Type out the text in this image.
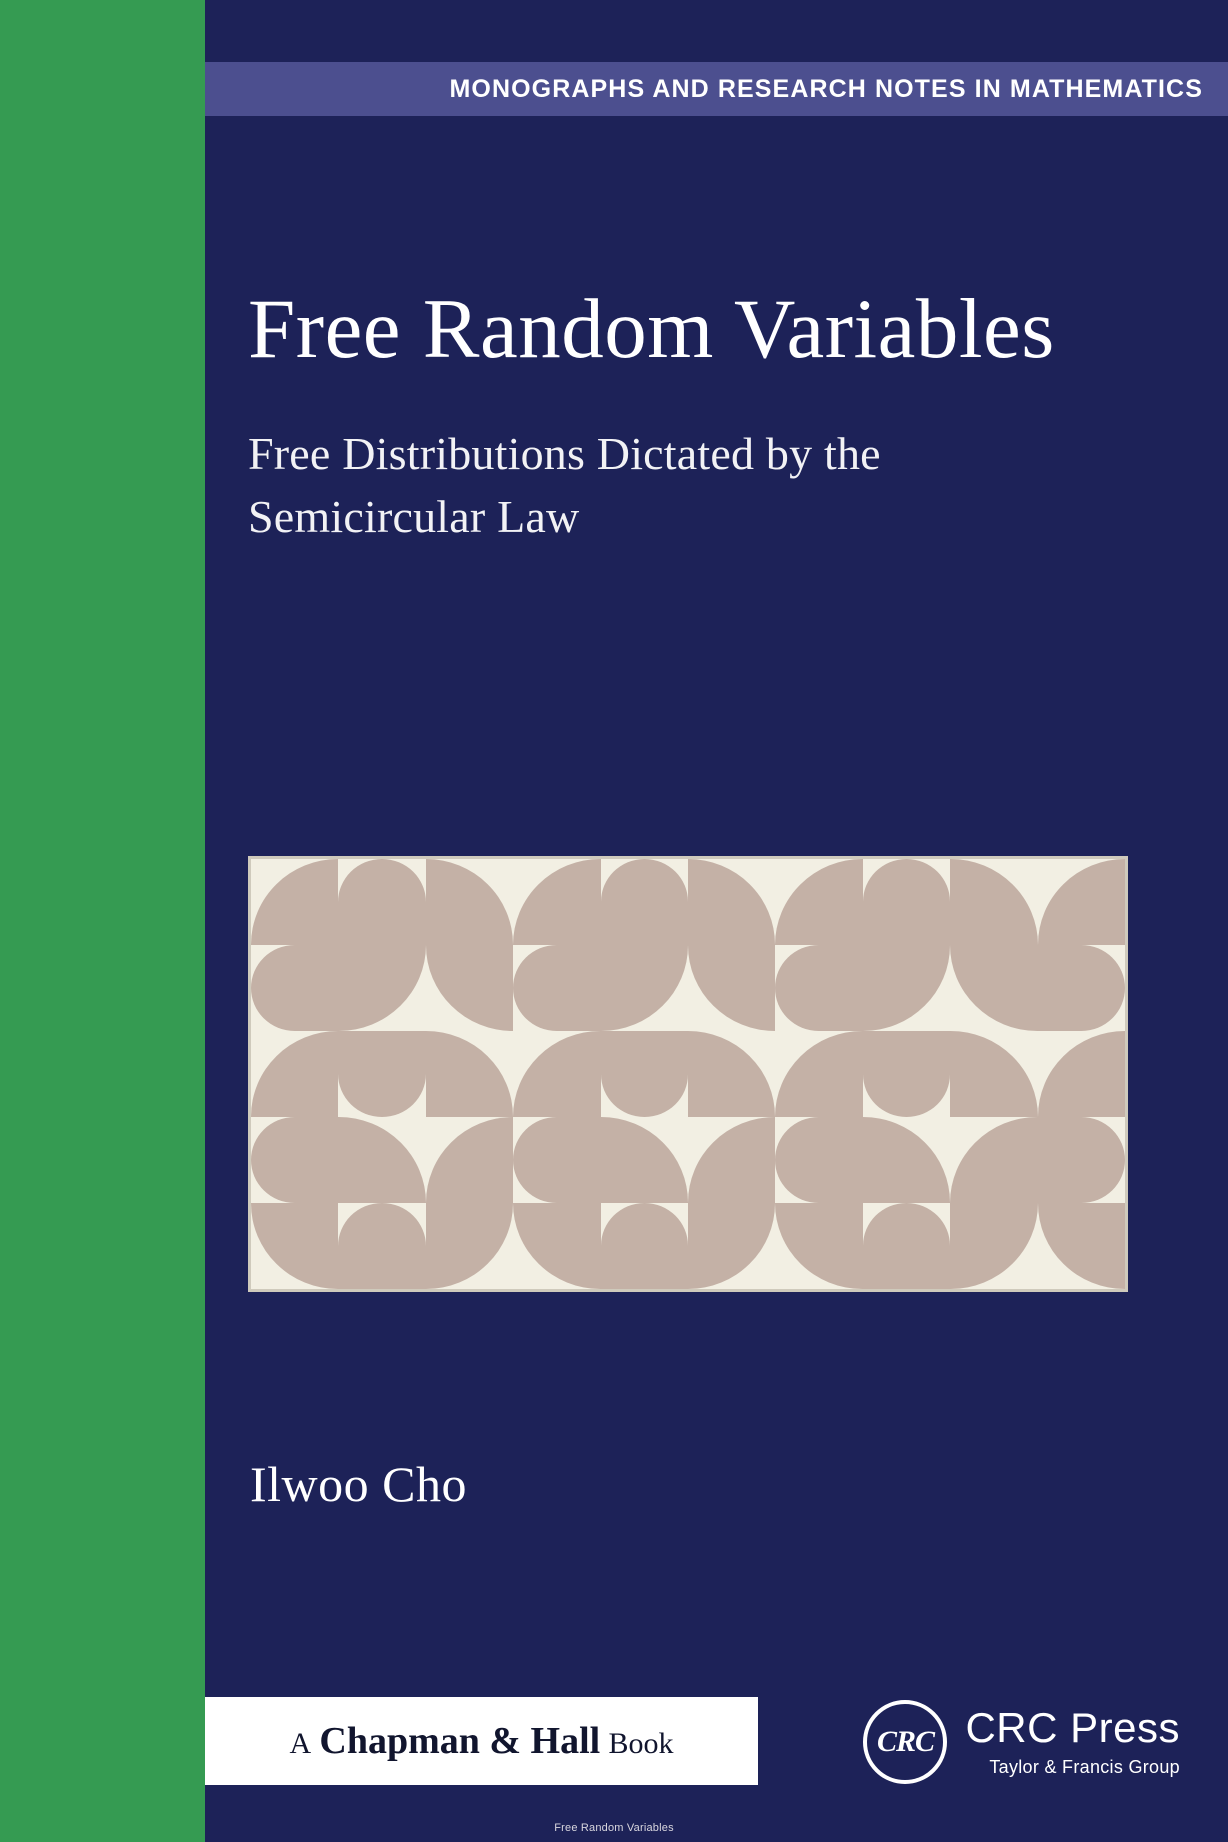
MONOGRAPHS AND RESEARCH NOTES IN MATHEMATICS
Free Random Variables

Free Distributions Dictated by the Semicircular Law

Ilwoo Cho
A Chapman & Hall Book	CRC CRC Press
Taylor & Francis Group
Free Random Variables
